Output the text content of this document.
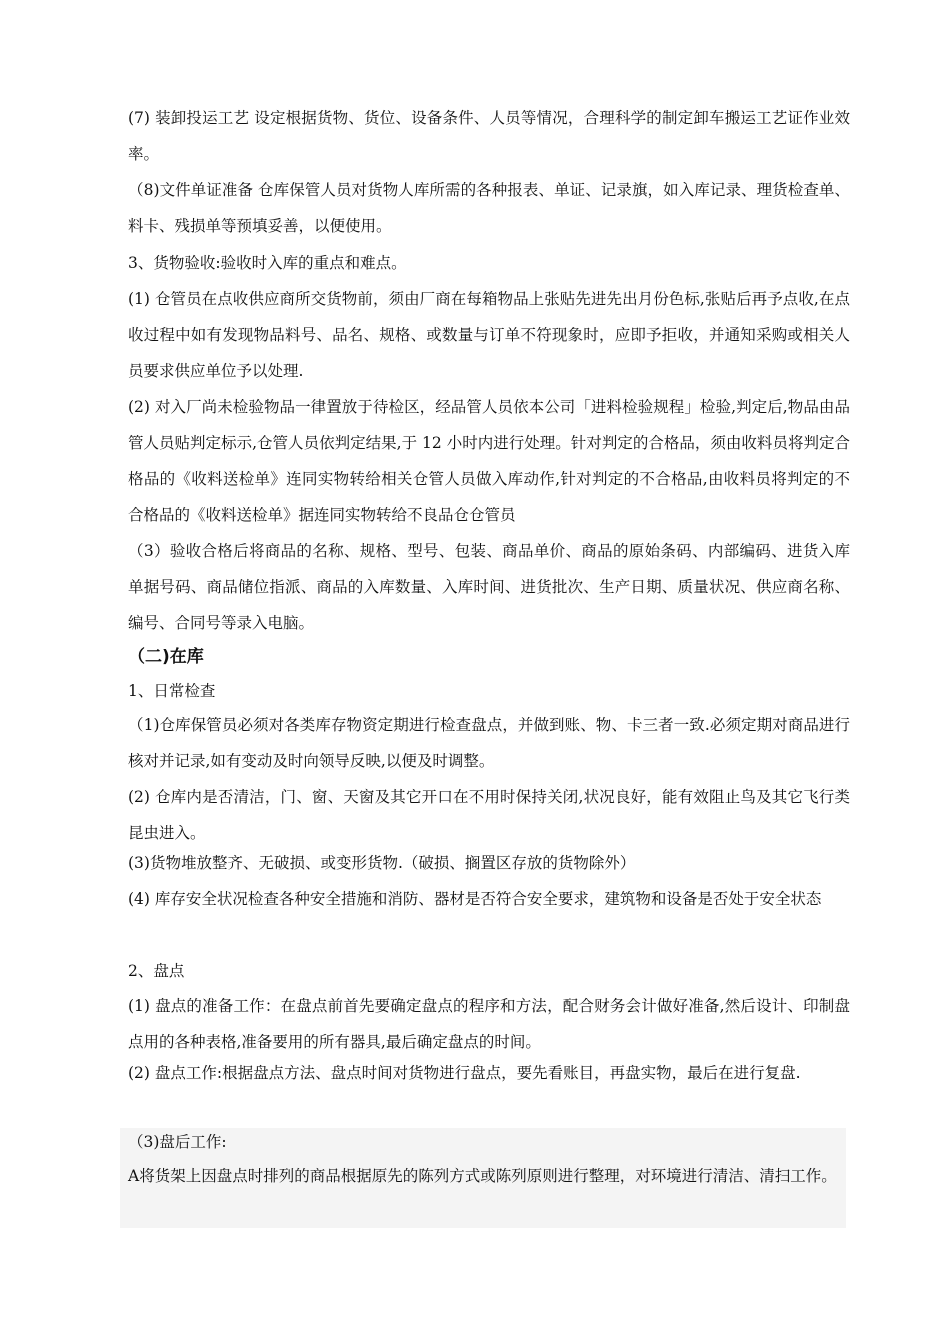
(7) 装卸投运工艺 设定根据货物、货位、设备条件、人员等情况，合理科学的制定卸车搬运工艺证作业效率。

（8)文件单证准备 仓库保管人员对货物人库所需的各种报表、单证、记录旗，如入库记录、理货检查单、料卡、残损单等预填妥善，以便使用。

3、货物验收:验收时入库的重点和难点。

(1) 仓管员在点收供应商所交货物前，须由厂商在每箱物品上张贴先进先出月份色标,张贴后再予点收,在点收过程中如有发现物品料号、品名、规格、或数量与订单不符现象时，应即予拒收，并通知采购或相关人员要求供应单位予以处理.

(2) 对入厂尚未检验物品一律置放于待检区，经品管人员依本公司「进料检验规程」检验,判定后,物品由品管人员贴判定标示,仓管人员依判定结果,于 12 小时内进行处理。针对判定的合格品，须由收料员将判定合格品的《收料送检单》连同实物转给相关仓管人员做入库动作,针对判定的不合格品,由收料员将判定的不合格品的《收料送检单》据连同实物转给不良品仓仓管员

（3）验收合格后将商品的名称、规格、型号、包装、商品单价、商品的原始条码、内部编码、进货入库单据号码、商品储位指派、商品的入库数量、入库时间、进货批次、生产日期、质量状况、供应商名称、编号、合同号等录入电脑。

（二)在库

1、日常检查

（1)仓库保管员必须对各类库存物资定期进行检查盘点，并做到账、物、卡三者一致.必须定期对商品进行核对并记录,如有变动及时向领导反映,以便及时调整。

(2) 仓库内是否清洁，门、窗、天窗及其它开口在不用时保持关闭,状况良好，能有效阻止鸟及其它飞行类昆虫进入。

(3)货物堆放整齐、无破损、或变形货物.（破损、搁置区存放的货物除外）

(4) 库存安全状况检查各种安全措施和消防、器材是否符合安全要求，建筑物和设备是否处于安全状态

2、盘点

(1) 盘点的准备工作：在盘点前首先要确定盘点的程序和方法，配合财务会计做好准备,然后设计、印制盘点用的各种表格,准备要用的所有器具,最后确定盘点的时间。

(2) 盘点工作:根据盘点方法、盘点时间对货物进行盘点，要先看账目，再盘实物，最后在进行复盘.

（3)盘后工作:

A将货架上因盘点时排列的商品根据原先的陈列方式或陈列原则进行整理，对环境进行清洁、清扫工作。
